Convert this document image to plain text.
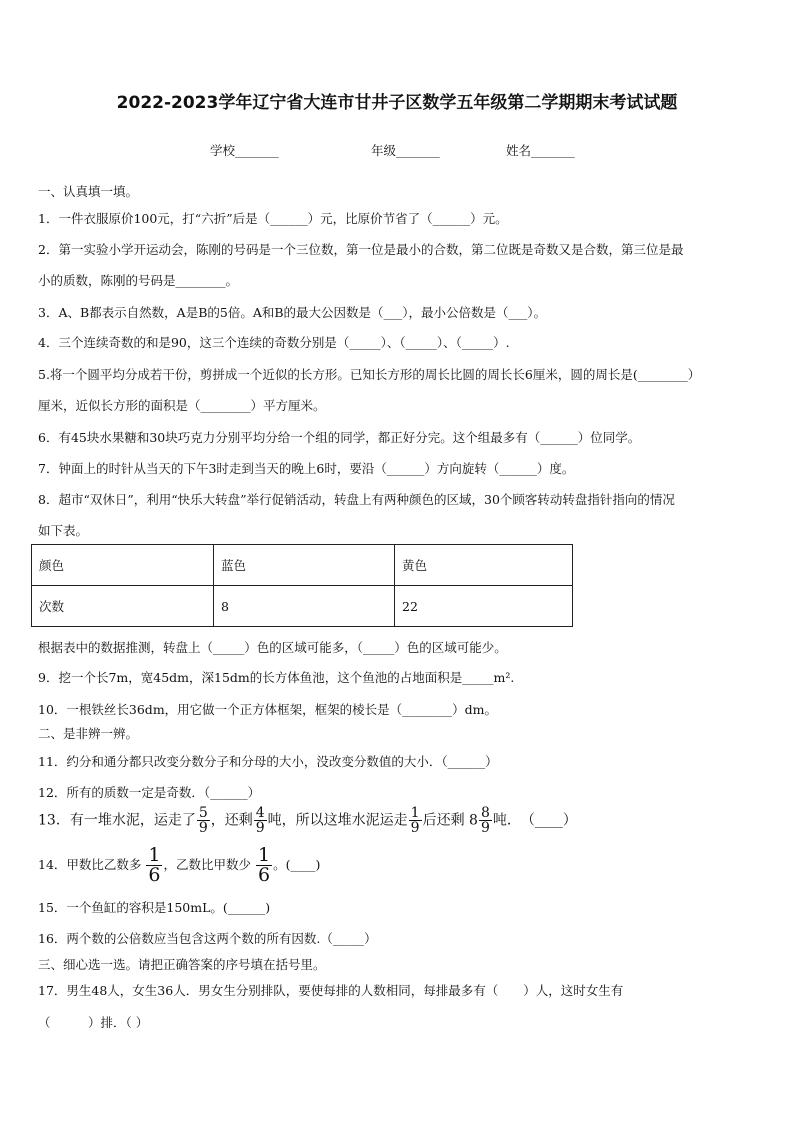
2022-2023学年辽宁省大连市甘井子区数学五年级第二学期期末考试试题
学校_______	年级_______	姓名_______
一、认真填一填。
1．一件衣服原价100元，打“六折”后是（______）元，比原价节省了（______）元。
2．第一实验小学开运动会，陈刚的号码是一个三位数，第一位是最小的合数，第二位既是奇数又是合数，第三位是最
小的质数，陈刚的号码是________。
3．A、B都表示自然数，A是B的5倍。A和B的最大公因数是（___），最小公倍数是（___）。
4．三个连续奇数的和是90，这三个连续的奇数分别是（_____）、（_____）、（_____）.
5.将一个圆平均分成若干份，剪拼成一个近似的长方形。已知长方形的周长比圆的周长长6厘米，圆的周长是(________）
厘米，近似长方形的面积是（________）平方厘米。
6．有45块水果糖和30块巧克力分别平均分给一个组的同学，都正好分完。这个组最多有（______）位同学。
7．钟面上的时针从当天的下午3时走到当天的晚上6时，要沿（______）方向旋转（______）度。
8．超市“双休日”，利用“快乐大转盘”举行促销活动，转盘上有两种颜色的区域，30个顾客转动转盘指针指向的情况
如下表。
颜色	蓝色	黄色
次数	8	22
根据表中的数据推测，转盘上（_____）色的区域可能多，（_____）色的区域可能少。
9．挖一个长7m，宽45dm，深15dm的长方体鱼池，这个鱼池的占地面积是_____m².
10．一根铁丝长36dm，用它做一个正方体框架，框架的棱长是（________）dm。
二、是非辨一辨。
11．约分和通分都只改变分数分子和分母的大小，没改变分数值的大小．（______）
12．所有的质数一定是奇数．（______）
13．有一堆水泥，运走了 $\frac{5}{9}$ ，还剩 $\frac{4}{9}$ 吨，所以这堆水泥运走 $\frac{1}{9}$ 后还剩 $8 \frac{8}{9}$ 吨．　（____）
14．甲数比乙数多 $\frac{1}{6}$ ，乙数比甲数少 $\frac{1}{6}$ 。(____)
15．一个鱼缸的容积是150mL。(______)
16．两个数的公倍数应当包含这两个数的所有因数.（_____）
三、细心选一选。请把正确答案的序号填在括号里。
17．男生48人，女生36人．男女生分别排队，要使每排的人数相同，每排最多有（　　）人，这时女生有
（　　　）排．（ ）
